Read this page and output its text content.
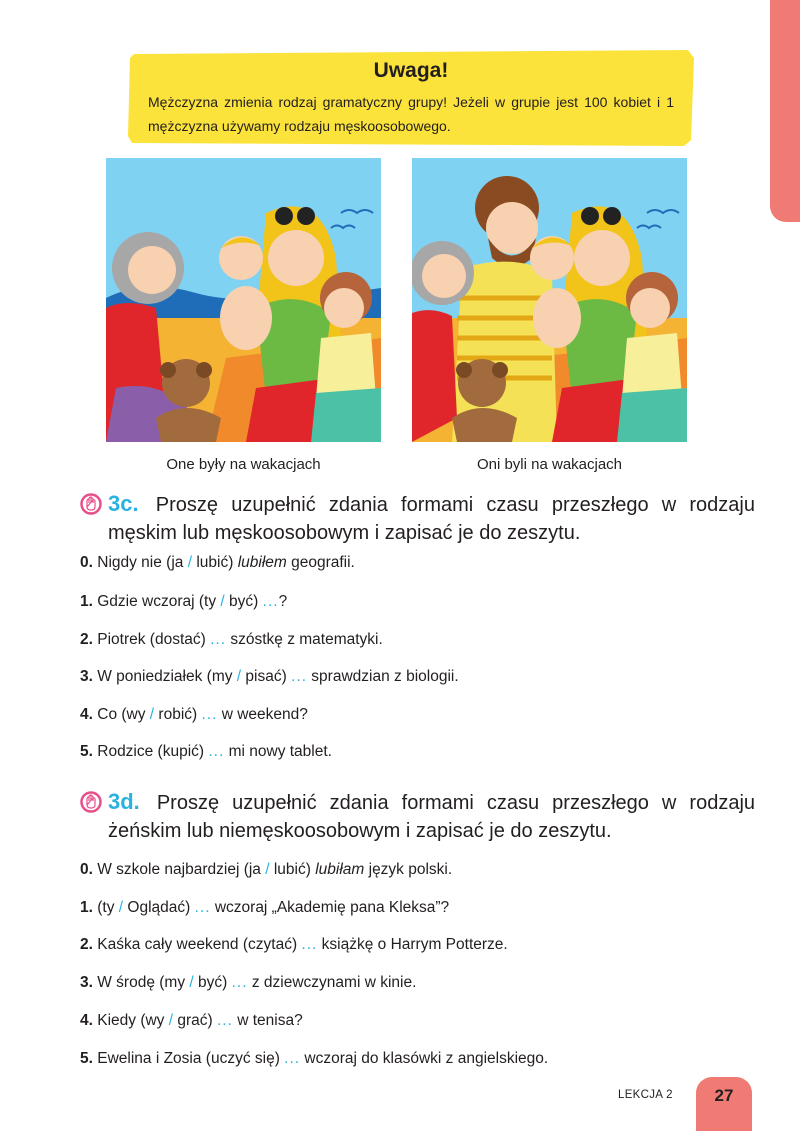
Uwaga!
Mężczyzna zmienia rodzaj gramatyczny grupy! Jeżeli w grupie jest 100 kobiet i 1 mężczyzna używamy rodzaju męskoosobowego.
One były na wakacjach	Oni byli na wakacjach
3c. Proszę uzupełnić zdania formami czasu przeszłego w rodzaju męskim lub męskoosobowym i zapisać je do zeszytu.
0. Nigdy nie (ja / lubić) lubiłem geografii.
1. Gdzie wczoraj (ty / być) ...?
2. Piotrek (dostać) ... szóstkę z matematyki.
3. W poniedziałek (my / pisać) ... sprawdzian z biologii.
4. Co (wy / robić) ... w weekend?
5. Rodzice (kupić) ... mi nowy tablet.
3d. Proszę uzupełnić zdania formami czasu przeszłego w rodzaju żeńskim lub niemęskoosobowym i zapisać je do zeszytu.
0. W szkole najbardziej (ja / lubić) lubiłam język polski.
1. (ty / Oglądać) ... wczoraj „Akademię pana Kleksa”?
2. Kaśka cały weekend (czytać) ... książkę o Harrym Potterze.
3. W środę (my / być) ... z dziewczynami w kinie.
4. Kiedy (wy / grać) ... w tenisa?
5. Ewelina i Zosia (uczyć się) ... wczoraj do klasówki z angielskiego.
LEKCJA 2	27
